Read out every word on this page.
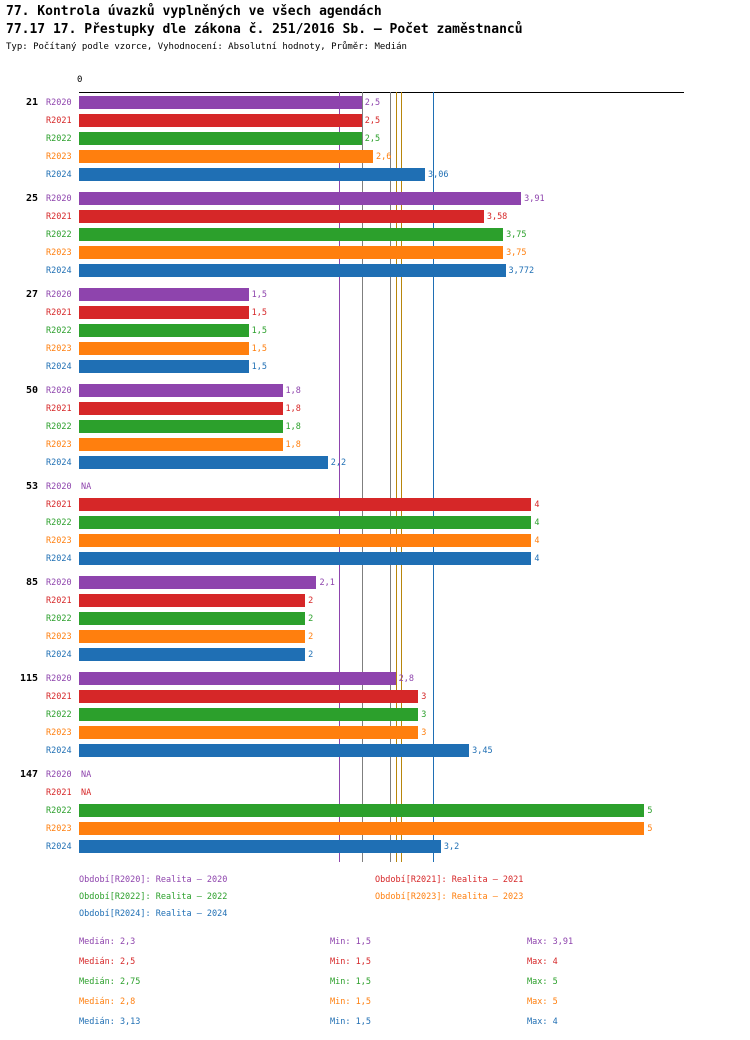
77. Kontrola úvazků vyplněných ve všech agendách
77.17 17. Přestupky dle zákona č. 251/2016 Sb. – Počet zaměstnanců
Typ: Počítaný podle vzorce, Vyhodnocení: Absolutní hodnoty, Průměr: Medián
0
21 R2020	2,5
R2021	2,5
R2022	2,5
R2023	2,6
R2024	3,06
25 R2020	3,91
R2021	3,58
R2022	3,75
R2023	3,75
R2024	3,772
27 R2020	1,5
R2021	1,5
R2022	1,5
R2023	1,5
R2024	1,5
50 R2020	1,8
R2021	1,8
R2022	1,8
R2023	1,8
R2024	2,2
53 R2020 NA
R2021	4
R2022	4
R2023	4
R2024	4
85 R2020	2,1
R2021	2
R2022	2
R2023	2
R2024	2
115 R2020	2,8
R2021	3
R2022	3
R2023	3
R2024	3,45
147 R2020 NA
R2021 NA
R2022	5
R2023	5
R2024	3,2
Období[R2020]: Realita – 2020	Období[R2021]: Realita – 2021
Období[R2022]: Realita – 2022	Období[R2023]: Realita – 2023
Období[R2024]: Realita – 2024
Medián: 2,3	Min: 1,5	Max: 3,91
Medián: 2,5	Min: 1,5	Max: 4
Medián: 2,75	Min: 1,5	Max: 5
Medián: 2,8	Min: 1,5	Max: 5
Medián: 3,13	Min: 1,5	Max: 4
